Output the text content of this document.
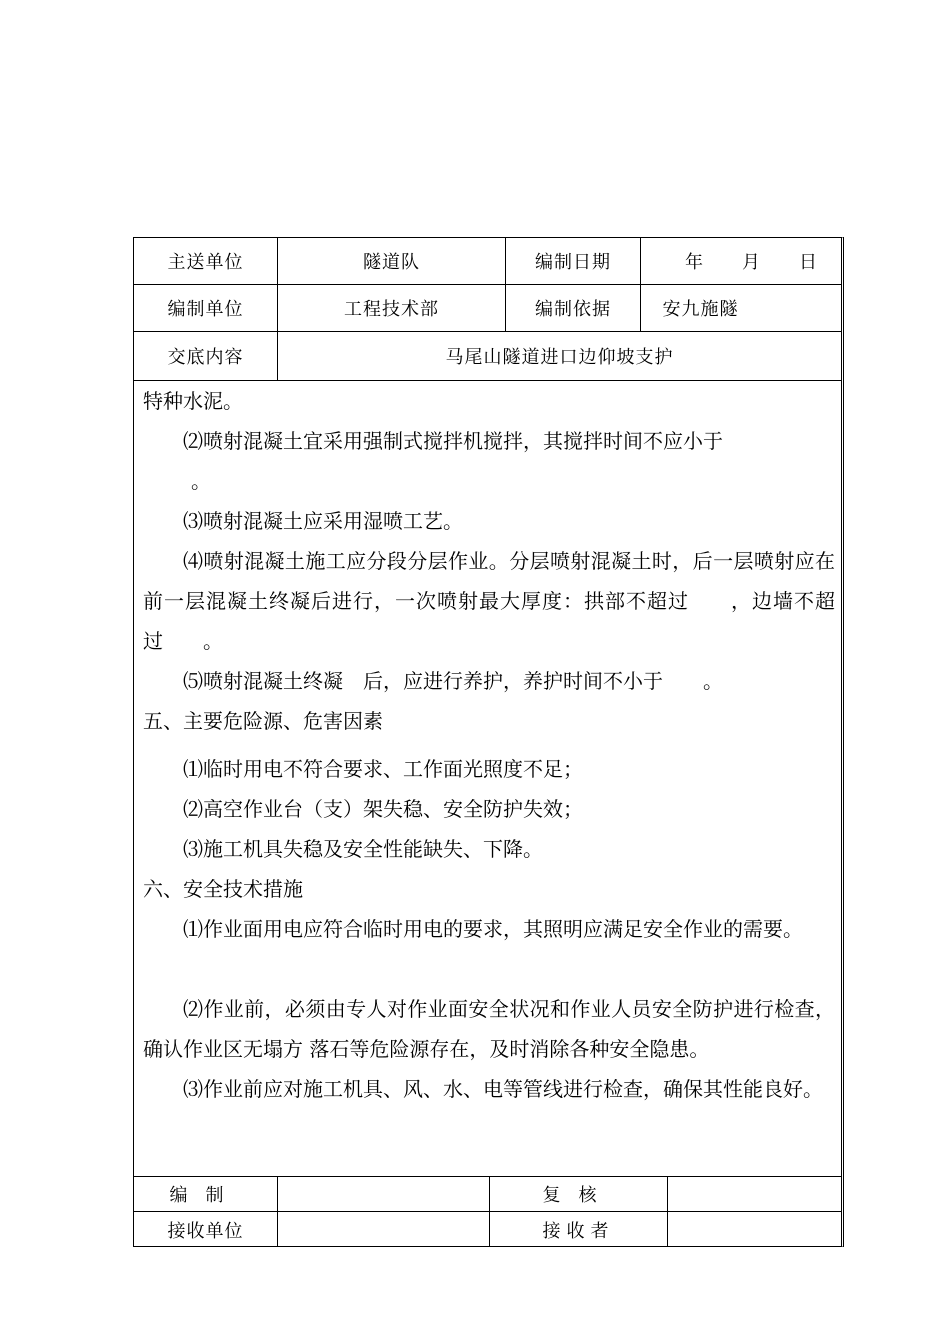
主送单位	隧道队	编制日期	年　　月　　日
编制单位	工程技术部	编制依据	安九施隧
交底内容	马尾山隧道进口边仰坡支护

特种水泥。

⑵喷射混凝土宜采用强制式搅拌机搅拌，其搅拌时间不应小于

。

⑶喷射混凝土应采用湿喷工艺。

⑷喷射混凝土施工应分段分层作业。分层喷射混凝土时，后一层喷射应在前一层混凝土终凝后进行，一次喷射最大厚度：拱部不超过　　，边墙不超过　　。

⑸喷射混凝土终凝　后，应进行养护，养护时间不小于　　。

五、主要危险源、危害因素

⑴临时用电不符合要求、工作面光照度不足；

⑵高空作业台（支）架失稳、安全防护失效；

⑶施工机具失稳及安全性能缺失、下降。

六、安全技术措施

⑴作业面用电应符合临时用电的要求，其照明应满足安全作业的需要。

⑵作业前，必须由专人对作业面安全状况和作业人员安全防护进行检查，确认作业区无塌方 落石等危险源存在，及时消除各种安全隐患。

⑶作业前应对施工机具、风、水、电等管线进行检查，确保其性能良好。

编制	复核
接收单位	接收者
